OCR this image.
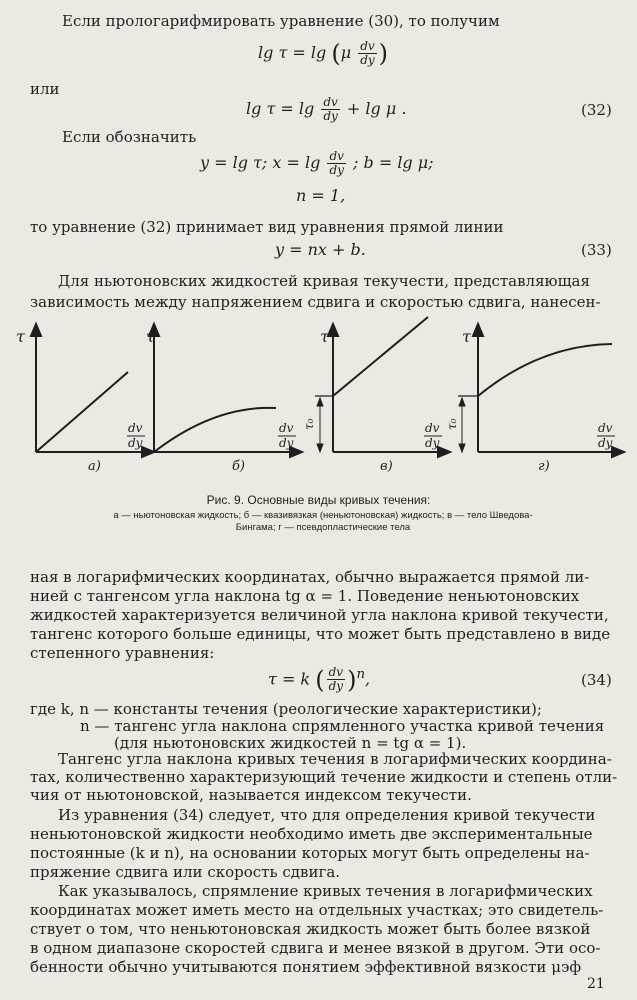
Если прологарифмировать уравнение (30), то получим
$\lg \tau = \lg (\mu \frac{dv}{dy}$ )
или
$\lg \tau = \lg \frac{dv}{dy} + \lg \mu$ .	(32)
Если обозначить
y = lg τ; $x = \lg \frac{dv}{dy}$ ; b = lg μ;
n = 1,
то уравнение (32) принимает вид уравнения прямой линии
y = nx + b.	(33)
Для ньютоновских жидкостей кривая текучести, представляющая
зависимость между напряжением сдвига и скоростью сдвига, нанесен-
τ	τ	τ	τ
dv
dy
dv
dy
dv
dy
dv
dy
τ₀	τ₀
а)	б)	в)	г)
Рис. 9. Основные виды кривых течения:
а — ньютоновская жидкость; б — квазивязкая (неньютоновская) жидкость; в — тело Шведова-
Бингама; г — псевдопластические тела
ная в логарифмических координатах, обычно выражается прямой ли-
нией с тангенсом угла наклона tg α = 1. Поведение неньютоновских
жидкостей характеризуется величиной угла наклона кривой текучести,
тангенс которого больше единицы, что может быть представлено в виде
степенного уравнения:
τ = k ( $\frac{dv}{dy} )^n$,	(34)
где k, n — константы течения (реологические характеристики);
n — тангенс угла наклона спрямленного участка кривой течения
(для ньютоновских жидкостей n = tg α = 1).
Тангенс угла наклона кривых течения в логарифмических координа-
тах, количественно характеризующий течение жидкости и степень отли-
чия от ньютоновской, называется индексом текучести.
Из уравнения (34) следует, что для определения кривой текучести
неньютоновской жидкости необходимо иметь две экспериментальные
постоянные (k и n), на основании которых могут быть определены на-
пряжение сдвига или скорость сдвига.
Как указывалось, спрямление кривых течения в логарифмических
координатах может иметь место на отдельных участках; это свидетель-
ствует о том, что неньютоновская жидкость может быть более вязкой
в одном диапазоне скоростей сдвига и менее вязкой в другом. Эти осо-
21
бенности обычно учитываются понятием эффективной вязкости μэф
